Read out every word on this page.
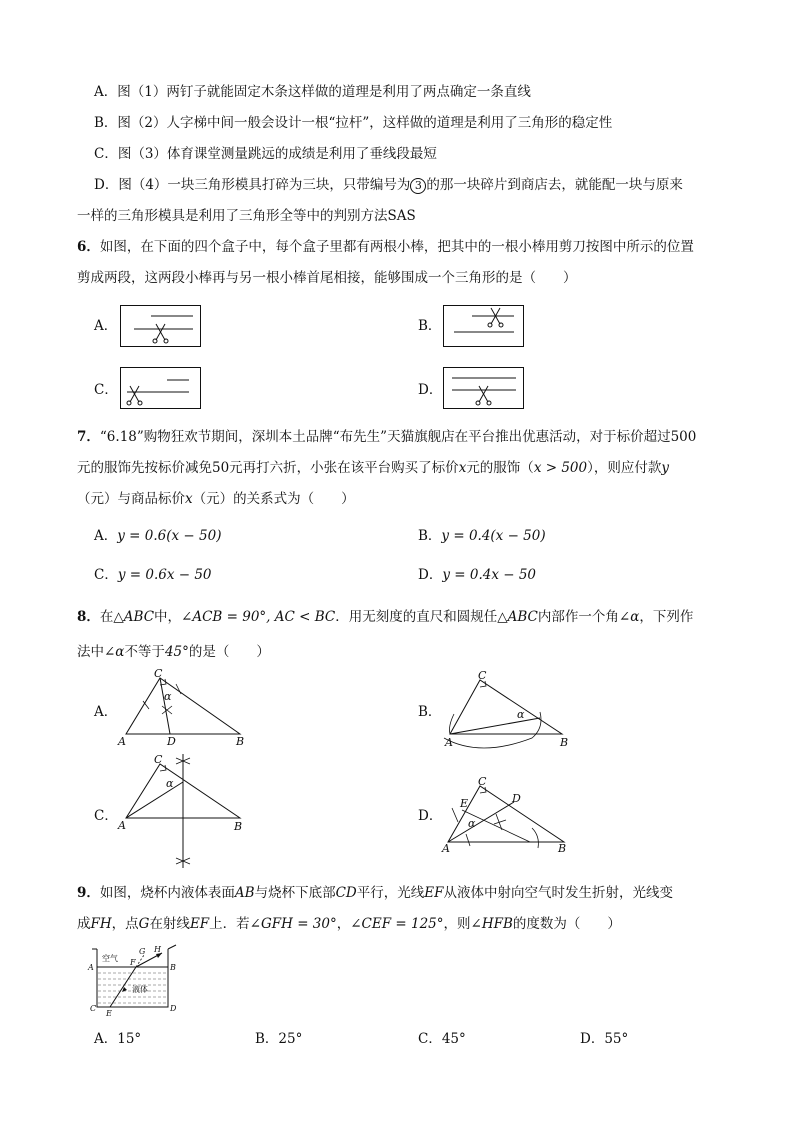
A．图（1）两钉子就能固定木条这样做的道理是利用了两点确定一条直线
B．图（2）人字梯中间一般会设计一根“拉杆”，这样做的道理是利用了三角形的稳定性
C．图（3）体育课堂测量跳远的成绩是利用了垂线段最短
D．图（4）一块三角形模具打碎为三块，只带编号为 3 的那一块碎片到商店去，就能配一块与原来
一样的三角形模具是利用了三角形全等中的判别方法SAS
6．如图，在下面的四个盒子中，每个盒子里都有两根小棒，把其中的一根小棒用剪刀按图中所示的位置
剪成两段，这两段小棒再与另一根小棒首尾相接，能够围成一个三角形的是（　　）
A．	B．
C．	D．
7．“6.18”购物狂欢节期间，深圳本土品牌“布先生”天猫旗舰店在平台推出优惠活动，对于标价超过500
元的服饰先按标价减免50元再打六折，小张在该平台购买了标价x元的服饰（x > 500），则应付款y
（元）与商品标价x（元）的关系式为（　　）
A．y = 0.6(x − 50)	B．y = 0.4(x − 50)
C．y = 0.6x − 50	D．y = 0.4x − 50
8．在△ABC中，∠ACB = 90°, AC < BC．用无刻度的直尺和圆规任△ABC内部作一个角∠α，下列作
法中∠α不等于45°的是（　　）
A．
C
A	D	B
α
B．
C
A	B
α
C．
C
A	B
α
D．
C
D
E
A	B
α
9．如图，烧杯内液体表面AB与烧杯下底部CD平行，光线EF从液体中射向空气时发生折射，光线变
成FH，点G在射线EF上．若∠GFH = 30°，∠CEF = 125°，则∠HFB的度数为（　　）
空气
液体
A	B
C	D
E
F
G H
A．15°	B．25°	C．45°	D．55°
